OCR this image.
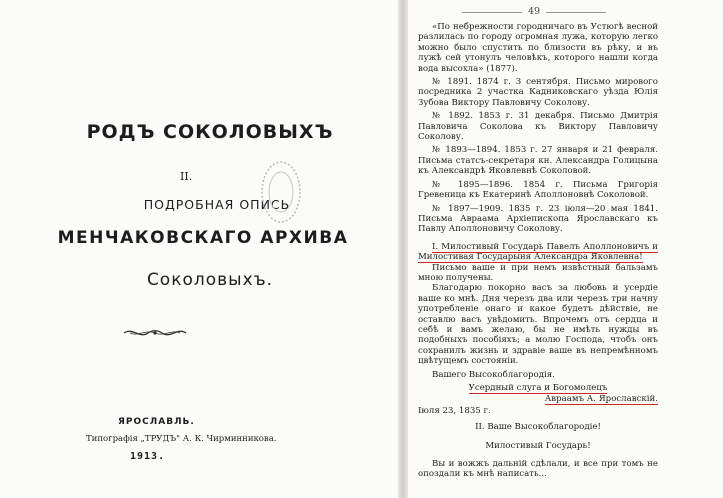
РОДЪ СОКОЛОВЫХЪ
II.
ПОДРОБНАЯ ОПИСЬ
МЕНЧАКОВСКАГО АРХИВА
Соколовыхъ.
ЯРОСЛАВЛЬ.
Типографія „ТРУДЪ" А. К. Чирминникова.
1913.
49

«По небрежности городничаго въ Устюгѣ весной разлилась по городу огромная лужа, которую легко можно было спустить по близости въ рѣку, и въ лужѣ сей утонулъ человѣкъ, которого нашли когда вода высохла» (1877).

№ 1891. 1874 г. 3 сентября. Письмо мирового посредника 2 участка Кадниковскаго уѣзда Юлія Зубова Виктору Павловичу Соколову.

№ 1892. 1853 г. 31 декабря. Письмо Дмитрія Павловича Соколова къ Виктору Павловичу Соколову.

№ 1893—1894. 1853 г. 27 января и 21 февраля. Письма статсъ-секретаря кн. Александра Голицына къ Александрѣ Яковлевнѣ Соколовой.

№ 1895—1896. 1854 г. Письма Григорія Гревеница къ Екатеринѣ Аполлоновнѣ Соколовой.

№ 1897—1909. 1835 г. 23 іюля—20 мая 1841. Письма Авраама Архіепископа Ярославскаго къ Павлу Аполлоновичу Соколову.

I. Милостивый Государь Павелъ Аполлоновичъ и Милостивая Государыня Александра Яковлевна!

Письмо ваше и при немъ извѣстный бальзамъ мною получены.

Благодарю покорно васъ за любовь и усердіе ваше ко мнѣ. Дня черезъ два или черезъ три начну употребленіе онаго и какое будетъ дѣйствіе, не оставлю васъ увѣдомить. Впрочемъ отъ сердца и себѣ и вамъ желаю, бы не имѣть нужды въ подобныхъ пособіяхъ; а молю Господа, чтобъ онъ сохранилъ жизнь и здравіе ваше въ непремѣнномъ цвѣтущемъ состояніи.

Вашего Высокоблагородія.

Усердный слуга и Богомолецъ

Авраамъ А. Ярославскій.

Іюля 23, 1835 г.

II. Ваше Высокоблагородіе!

Милостивый Государь!

Вы и вожжъ дальній сдѣлали, и все при томъ не опоздали къ мнѣ написать...
